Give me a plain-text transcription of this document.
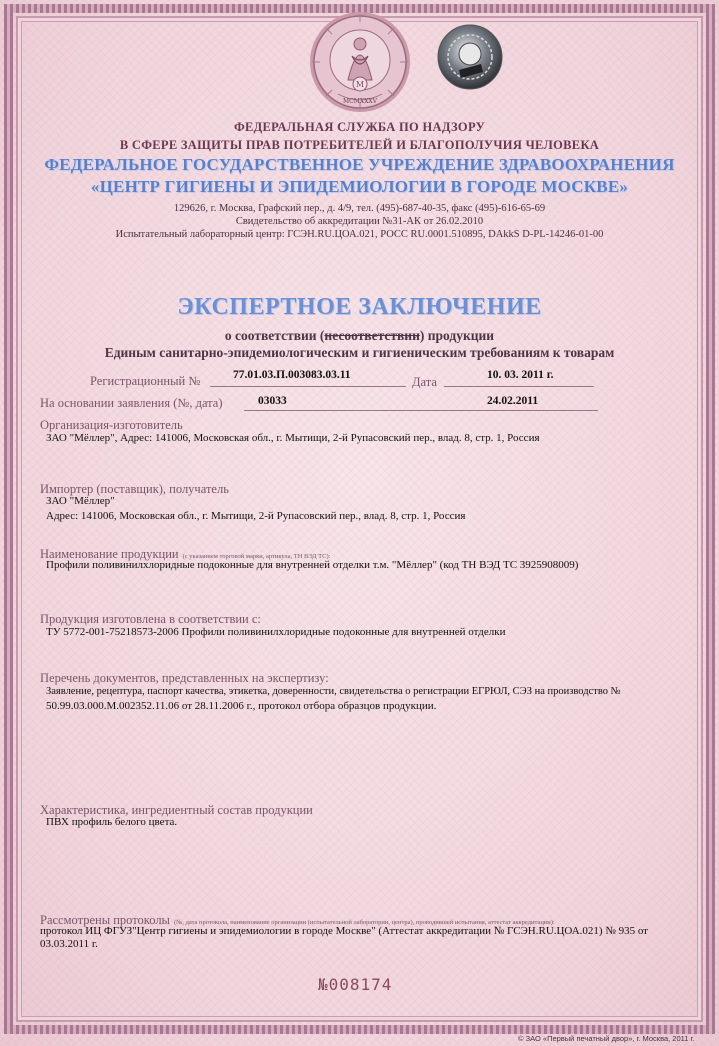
M
MCMXXXV
ФЕДЕРАЛЬНАЯ СЛУЖБА ПО НАДЗОРУ
В СФЕРЕ ЗАЩИТЫ ПРАВ ПОТРЕБИТЕЛЕЙ И БЛАГОПОЛУЧИЯ ЧЕЛОВЕКА
ФЕДЕРАЛЬНОЕ ГОСУДАРСТВЕННОЕ УЧРЕЖДЕНИЕ ЗДРАВООХРАНЕНИЯ
«ЦЕНТР ГИГИЕНЫ И ЭПИДЕМИОЛОГИИ В ГОРОДЕ МОСКВЕ»
129626, г. Москва, Графский пер., д. 4/9, тел. (495)-687-40-35, факс (495)-616-65-69
Свидетельство об аккредитации №31-АК от 26.02.2010
Испытательный лабораторный центр: ГСЭН.RU.ЦОА.021, РОСС RU.0001.510895, DAkkS D-PL-14246-01-00
ЭКСПЕРТНОЕ ЗАКЛЮЧЕНИЕ
о соответствии (несоответствии) продукции
Единым санитарно-эпидемиологическим и гигиеническим требованиям к товарам
Регистрационный №	77.01.03.П.003083.03.11	Дата	10. 03. 2011 г.
На основании заявления (№, дата)	03033	24.02.2011
Организация-изготовитель
ЗАО "Мёллер", Адрес: 141006, Московская обл., г. Мытищи, 2-й Рупасовский пер., влад. 8, стр. 1, Россия
Импортер (поставщик), получатель
ЗАО "Мёллер"
Адрес: 141006, Московская обл., г. Мытищи, 2-й Рупасовский пер., влад. 8, стр. 1, Россия
Наименование продукции (с указанием торговой марки, артикула, ТН ВЭД ТС):
Профили поливинилхлоридные подоконные для внутренней отделки т.м. "Мёллер" (код ТН ВЭД ТС 3925908009)
Продукция изготовлена в соответствии с:
ТУ 5772-001-75218573-2006 Профили поливинилхлоридные подоконные для внутренней отделки
Перечень документов, представленных на экспертизу:
Заявление, рецептура, паспорт качества, этикетка, доверенности, свидетельства о регистрации ЕГРЮЛ, СЭЗ на производство №
50.99.03.000.М.002352.11.06 от 28.11.2006 г., протокол отбора образцов продукции.
Характеристика, ингредиентный состав продукции
ПВХ профиль белого цвета.
Рассмотрены протоколы (№, дата протокола, наименование организации (испытательной лаборатории, центра), проводившей испытания, аттестат аккредитации):
протокол ИЦ ФГУЗ"Центр гигиены и эпидемиологии в городе Москве" (Аттестат аккредитации № ГСЭН.RU.ЦОА.021) № 935 от
03.03.2011 г.
№008174
© ЗАО «Первый печатный двор», г. Москва, 2011 г.
